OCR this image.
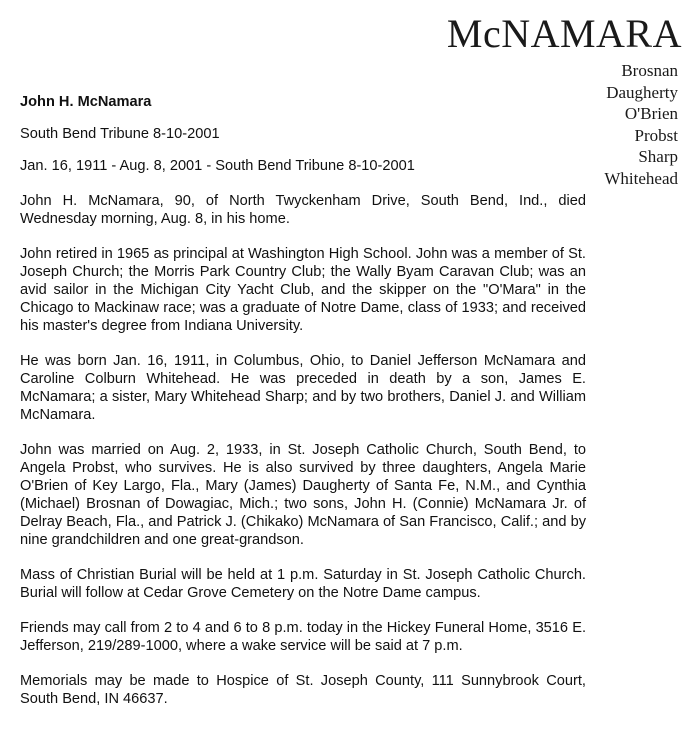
McNAMARA
Brosnan
Daugherty
O'Brien
Probst
Sharp
Whitehead

John H. McNamara

South Bend Tribune 8-10-2001

Jan. 16, 1911 - Aug. 8, 2001 - South Bend Tribune 8-10-2001

John H. McNamara, 90, of North Twyckenham Drive, South Bend, Ind., died Wednesday morning, Aug. 8, in his home.

John retired in 1965 as principal at Washington High School. John was a member of St. Joseph Church; the Morris Park Country Club; the Wally Byam Caravan Club; was an avid sailor in the Michigan City Yacht Club, and the skipper on the "O'Mara" in the Chicago to Mackinaw race; was a graduate of Notre Dame, class of 1933; and received his master's degree from Indiana University.

He was born Jan. 16, 1911, in Columbus, Ohio, to Daniel Jefferson McNamara and Caroline Colburn Whitehead. He was preceded in death by a son, James E. McNamara; a sister, Mary Whitehead Sharp; and by two brothers, Daniel J. and William McNamara.

John was married on Aug. 2, 1933, in St. Joseph Catholic Church, South Bend, to Angela Probst, who survives. He is also survived by three daughters, Angela Marie O'Brien of Key Largo, Fla., Mary (James) Daugherty of Santa Fe, N.M., and Cynthia (Michael) Brosnan of Dowagiac, Mich.; two sons, John H. (Connie) McNamara Jr. of Delray Beach, Fla., and Patrick J. (Chikako) McNamara of San Francisco, Calif.; and by nine grandchildren and one great-grandson.

Mass of Christian Burial will be held at 1 p.m. Saturday in St. Joseph Catholic Church. Burial will follow at Cedar Grove Cemetery on the Notre Dame campus.

Friends may call from 2 to 4 and 6 to 8 p.m. today in the Hickey Funeral Home, 3516 E. Jefferson, 219/289-1000, where a wake service will be said at 7 p.m.

Memorials may be made to Hospice of St. Joseph County, 111 Sunnybrook Court, South Bend, IN 46637.
